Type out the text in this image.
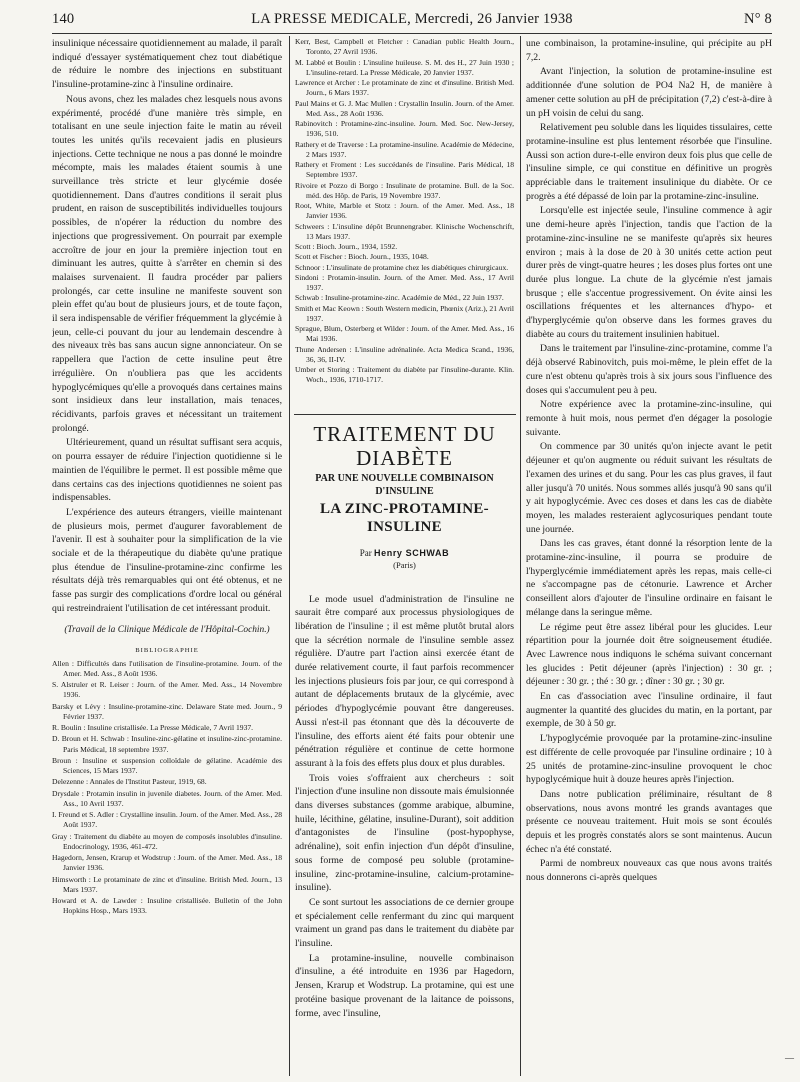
140	LA PRESSE MEDICALE, Mercredi, 26 Janvier 1938	N° 8

insulinique nécessaire quotidiennement au malade, il paraît indiqué d'essayer systématiquement chez tout diabétique de réduire le nombre des injections en substituant l'insuline-protamine-zinc à l'insuline ordinaire.

Nous avons, chez les malades chez lesquels nous avons expérimenté, procédé d'une manière très simple, en totalisant en une seule injection faite le matin au réveil toutes les unités qu'ils recevaient jadis en plusieurs injections. Cette technique ne nous a pas donné le moindre mécompte, mais les malades étaient soumis à une surveillance très stricte et leur glycémie dosée quotidiennement. Dans d'autres conditions il serait plus prudent, en raison de susceptibilités individuelles toujours possibles, de n'opérer la réduction du nombre des injections que progressivement. On pourrait par exemple accroître de jour en jour la première injection tout en diminuant les autres, quitte à s'arrêter en chemin si des malaises survenaient. Il faudra procéder par paliers prolongés, car cette insuline ne manifeste souvent son plein effet qu'au bout de plusieurs jours, et de toute façon, il sera indispensable de vérifier fréquemment la glycémie à jeun, celle-ci pouvant du jour au lendemain descendre à des niveaux très bas sans aucun signe annonciateur. On se rappellera que l'action de cette insuline peut être irrégulière. On n'oubliera pas que les accidents hypoglycémiques qu'elle a provoqués dans certaines mains sont insidieux dans leur installation, mais tenaces, récidivants, parfois graves et nécessitant un traitement prolongé.

Ultérieurement, quand un résultat suffisant sera acquis, on pourra essayer de réduire l'injection quotidienne si le maintien de l'équilibre le permet. Il est possible même que dans certains cas des injections quotidiennes ne soient pas indispensables.

L'expérience des auteurs étrangers, vieille maintenant de plusieurs mois, permet d'augurer favorablement de l'avenir. Il est à souhaiter pour la simplification de la vie sociale et de la thérapeutique du diabète qu'une pratique plus étendue de l'insuline-protamine-zinc confirme les résultats déjà très remarquables qui ont été obtenus, et ne fasse pas surgir des complications d'ordre local ou général qui restreindraient l'utilisation de cet intéressant produit.

(Travail de la Clinique Médicale de l'Hôpital-Cochin.)

BIBLIOGRAPHIE

Allen : Difficultés dans l'utilisation de l'insuline-protamine. Journ. of the Amer. Med. Ass., 8 Août 1936.

S. Alstruler et R. Leiser : Journ. of the Amer. Med. Ass., 14 Novembre 1936.

Barsky et Lévy : Insuline-protamine-zinc. Delaware State med. Journ., 9 Février 1937.

R. Boulin : Insuline cristallisée. La Presse Médicale, 7 Avril 1937.

D. Broun et H. Schwab : Insuline-zinc-gélatine et insuline-zinc-protamine. Paris Médical, 18 septembre 1937.

Broun : Insuline et suspension colloïdale de gélatine. Académie des Sciences, 15 Mars 1937.

Delezenne : Annales de l'Institut Pasteur, 1919, 68.

Drysdale : Protamin insulin in juvenile diabetes. Journ. of the Amer. Med. Ass., 10 Avril 1937.

I. Freund et S. Adler : Crystalline insulin. Journ. of the Amer. Med. Ass., 28 Août 1937.

Gray : Traitement du diabète au moyen de composés insolubles d'insuline. Endocrinology, 1936, 461-472.

Hagedorn, Jensen, Krarup et Wodstrup : Journ. of the Amer. Med. Ass., 18 Janvier 1936.

Himsworth : Le protaminate de zinc et d'insuline. British Med. Journ., 13 Mars 1937.

Howard et A. de Lawder : Insuline cristallisée. Bulletin of the John Hopkins Hosp., Mars 1933.

Kerr, Best, Campbell et Fletcher : Canadian public Health Journ., Toronto, 27 Avril 1936.

M. Labbé et Boulin : L'insuline huileuse. S. M. des H., 27 Juin 1930 ; L'insuline-retard. La Presse Médicale, 20 Janvier 1937.

Lawrence et Archer : Le protaminate de zinc et d'insuline. British Med. Journ., 6 Mars 1937.

Paul Mains et G. J. Mac Mullen : Crystallin Insulin. Journ. of the Amer. Med. Ass., 28 Août 1936.

Rabinovitch : Protamine-zinc-insuline. Journ. Med. Soc. New-Jersey, 1936, 510.

Rathery et de Traverse : La protamine-insuline. Académie de Médecine, 2 Mars 1937.

Rathery et Froment : Les succédanés de l'insuline. Paris Médical, 18 Septembre 1937.

Rivoire et Pozzo di Borgo : Insulinate de protamine. Bull. de la Soc. méd. des Hôp. de Paris, 19 Novembre 1937.

Root, White, Marble et Stotz : Journ. of the Amer. Med. Ass., 18 Janvier 1936.

Schweers : L'insuline dépôt Brunnengraber. Klinische Wochenschrift, 13 Mars 1937.

Scott : Bioch. Journ., 1934, 1592.

Scott et Fischer : Bioch. Journ., 1935, 1048.

Schnoor : L'insulinate de protamine chez les diabétiques chirurgicaux.

Sindoni : Protamin-insulin. Journ. of the Amer. Med. Ass., 17 Avril 1937.

Schwab : Insuline-protamine-zinc. Académie de Méd., 22 Juin 1937.

Smith et Mac Keown : South Western medicin, Phœnix (Ariz.), 21 Avril 1937.

Sprague, Blum, Osterberg et Wilder : Journ. of the Amer. Med. Ass., 16 Mai 1936.

Thune Andersen : L'insuline adrénalinée. Acta Medica Scand., 1936, 36, 36, II-IV.

Umber et Storing : Traitement du diabète par l'insuline-durante. Klin. Woch., 1936, 1710-1717.

TRAITEMENT DU DIABÈTE

PAR UNE NOUVELLE COMBINAISON

D'INSULINE

LA ZINC-PROTAMINE-INSULINE

Par Henry SCHWAB

(Paris)

Le mode usuel d'administration de l'insuline ne saurait être comparé aux processus physiologiques de libération de l'insuline ; il est même plutôt brutal alors que la sécrétion normale de l'insuline semble assez régulière. D'autre part l'action ainsi exercée étant de durée relativement courte, il faut parfois recommencer les injections plusieurs fois par jour, ce qui correspond à autant de déplacements brutaux de la glycémie, avec périodes d'hypoglycémie pouvant être dangereuses. Aussi n'est-il pas étonnant que dès la découverte de l'insuline, des efforts aient été faits pour obtenir une pénétration régulière et continue de cette hormone assurant à la fois des effets plus doux et plus durables.

Trois voies s'offraient aux chercheurs : soit l'injection d'une insuline non dissoute mais émulsionnée dans diverses substances (gomme arabique, albumine, huile, lécithine, gélatine, insuline-Durant), soit addition d'antagonistes de l'insuline (post-hypophyse, adrénaline), soit enfin injection d'un dépôt d'insuline, sous forme de composé peu soluble (protamine-insuline, zinc-protamine-insuline, calcium-protamine-insuline).

Ce sont surtout les associations de ce dernier groupe et spécialement celle renfermant du zinc qui marquent vraiment un grand pas dans le traitement du diabète par l'insuline.

La protamine-insuline, nouvelle combinaison d'insuline, a été introduite en 1936 par Hagedorn, Jensen, Krarup et Wodstrup. La protamine, qui est une protéine basique provenant de la laitance de poissons, forme, avec l'insuline,

une combinaison, la protamine-insuline, qui précipite au pH 7,2.

Avant l'injection, la solution de protamine-insuline est additionnée d'une solution de PO4 Na2 H, de manière à amener cette solution au pH de précipitation (7,2) c'est-à-dire à un pH voisin de celui du sang.

Relativement peu soluble dans les liquides tissulaires, cette protamine-insuline est plus lentement résorbée que l'insuline. Aussi son action dure-t-elle environ deux fois plus que celle de l'insuline simple, ce qui constitue en définitive un progrès appréciable dans le traitement insulinique du diabète. Or ce progrès a été dépassé de loin par la protamine-zinc-insuline.

Lorsqu'elle est injectée seule, l'insuline commence à agir une demi-heure après l'injection, tandis que l'action de la protamine-zinc-insuline ne se manifeste qu'après six heures environ ; mais à la dose de 20 à 30 unités cette action peut durer près de vingt-quatre heures ; les doses plus fortes ont une durée plus longue. La chute de la glycémie n'est jamais brusque ; elle s'accentue progressivement. On évite ainsi les oscillations fréquentes et les alternances d'hypo- et d'hyperglycémie qu'on observe dans les formes graves du diabète au cours du traitement insulinien habituel.

Dans le traitement par l'insuline-zinc-protamine, comme l'a déjà observé Rabinovitch, puis moi-même, le plein effet de la cure n'est obtenu qu'après trois à six jours sous l'influence des doses qui s'accumulent peu à peu.

Notre expérience avec la protamine-zinc-insuline, qui remonte à huit mois, nous permet d'en dégager la posologie suivante.

On commence par 30 unités qu'on injecte avant le petit déjeuner et qu'on augmente ou réduit suivant les résultats de l'examen des urines et du sang. Pour les cas plus graves, il faut aller jusqu'à 70 unités. Nous sommes allés jusqu'à 90 sans qu'il y ait hypoglycémie. Avec ces doses et dans les cas de diabète moyen, les malades resteraient aglycosuriques pendant toute une journée.

Dans les cas graves, étant donné la résorption lente de la protamine-zinc-insuline, il pourra se produire de l'hyperglycémie immédiatement après les repas, mais celle-ci ne s'accompagne pas de cétonurie. Lawrence et Archer conseillent alors d'ajouter de l'insuline ordinaire en faisant le mélange dans la seringue même.

Le régime peut être assez libéral pour les glucides. Leur répartition pour la journée doit être soigneusement étudiée. Avec Lawrence nous indiquons le schéma suivant concernant les glucides : Petit déjeuner (après l'injection) : 30 gr. ; déjeuner : 30 gr. ; thé : 30 gr. ; dîner : 30 gr. ; 30 gr.

En cas d'association avec l'insuline ordinaire, il faut augmenter la quantité des glucides du matin, en la portant, par exemple, de 30 à 50 gr.

L'hypoglycémie provoquée par la protamine-zinc-insuline est différente de celle provoquée par l'insuline ordinaire ; 10 à 25 unités de protamine-zinc-insuline provoquent le choc hypoglycémique huit à douze heures après l'injection.

Dans notre publication préliminaire, résultant de 8 observations, nous avons montré les grands avantages que présente ce nouveau traitement. Huit mois se sont écoulés depuis et les progrès constatés alors se sont maintenus. Aucun échec n'a été constaté.

Parmi de nombreux nouveaux cas que nous avons traités nous donnerons ci-après quelques

—
